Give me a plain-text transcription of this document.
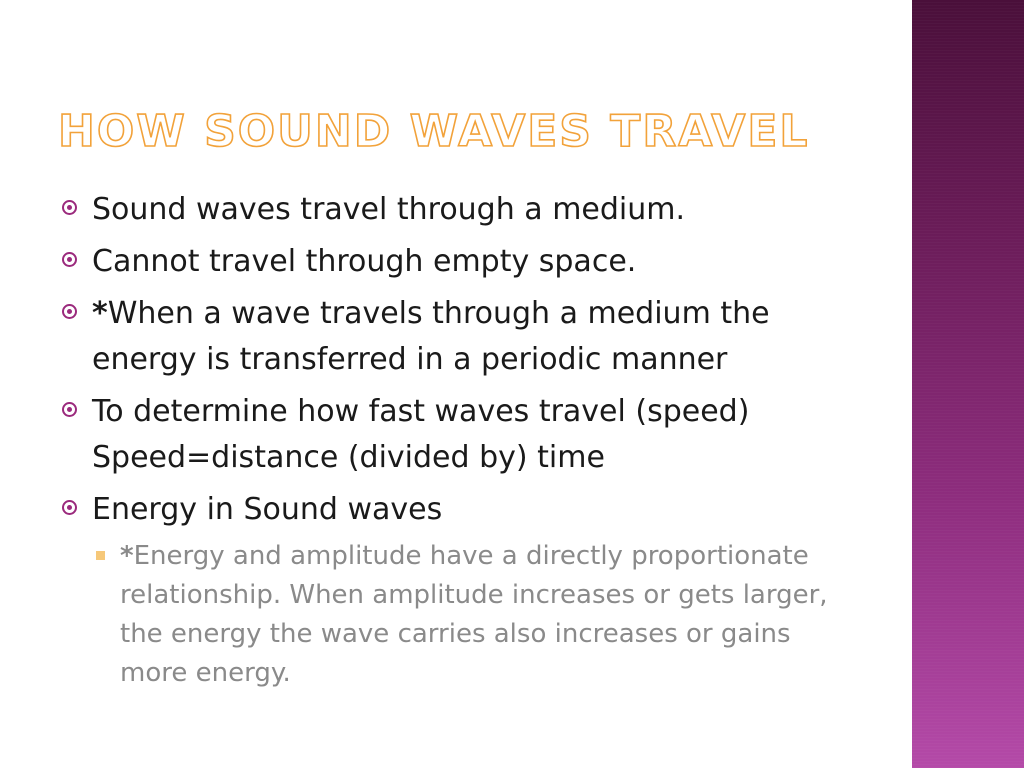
HOW SOUND WAVES TRAVEL
Sound waves travel through a medium.
Cannot travel through empty space.
*When a wave travels through a medium the energy is transferred in a periodic manner
To determine how fast waves travel (speed) Speed=distance (divided by) time
Energy in Sound waves
*Energy and amplitude have a directly proportionate relationship. When amplitude increases or gets larger, the energy the wave carries also increases or gains more energy.
